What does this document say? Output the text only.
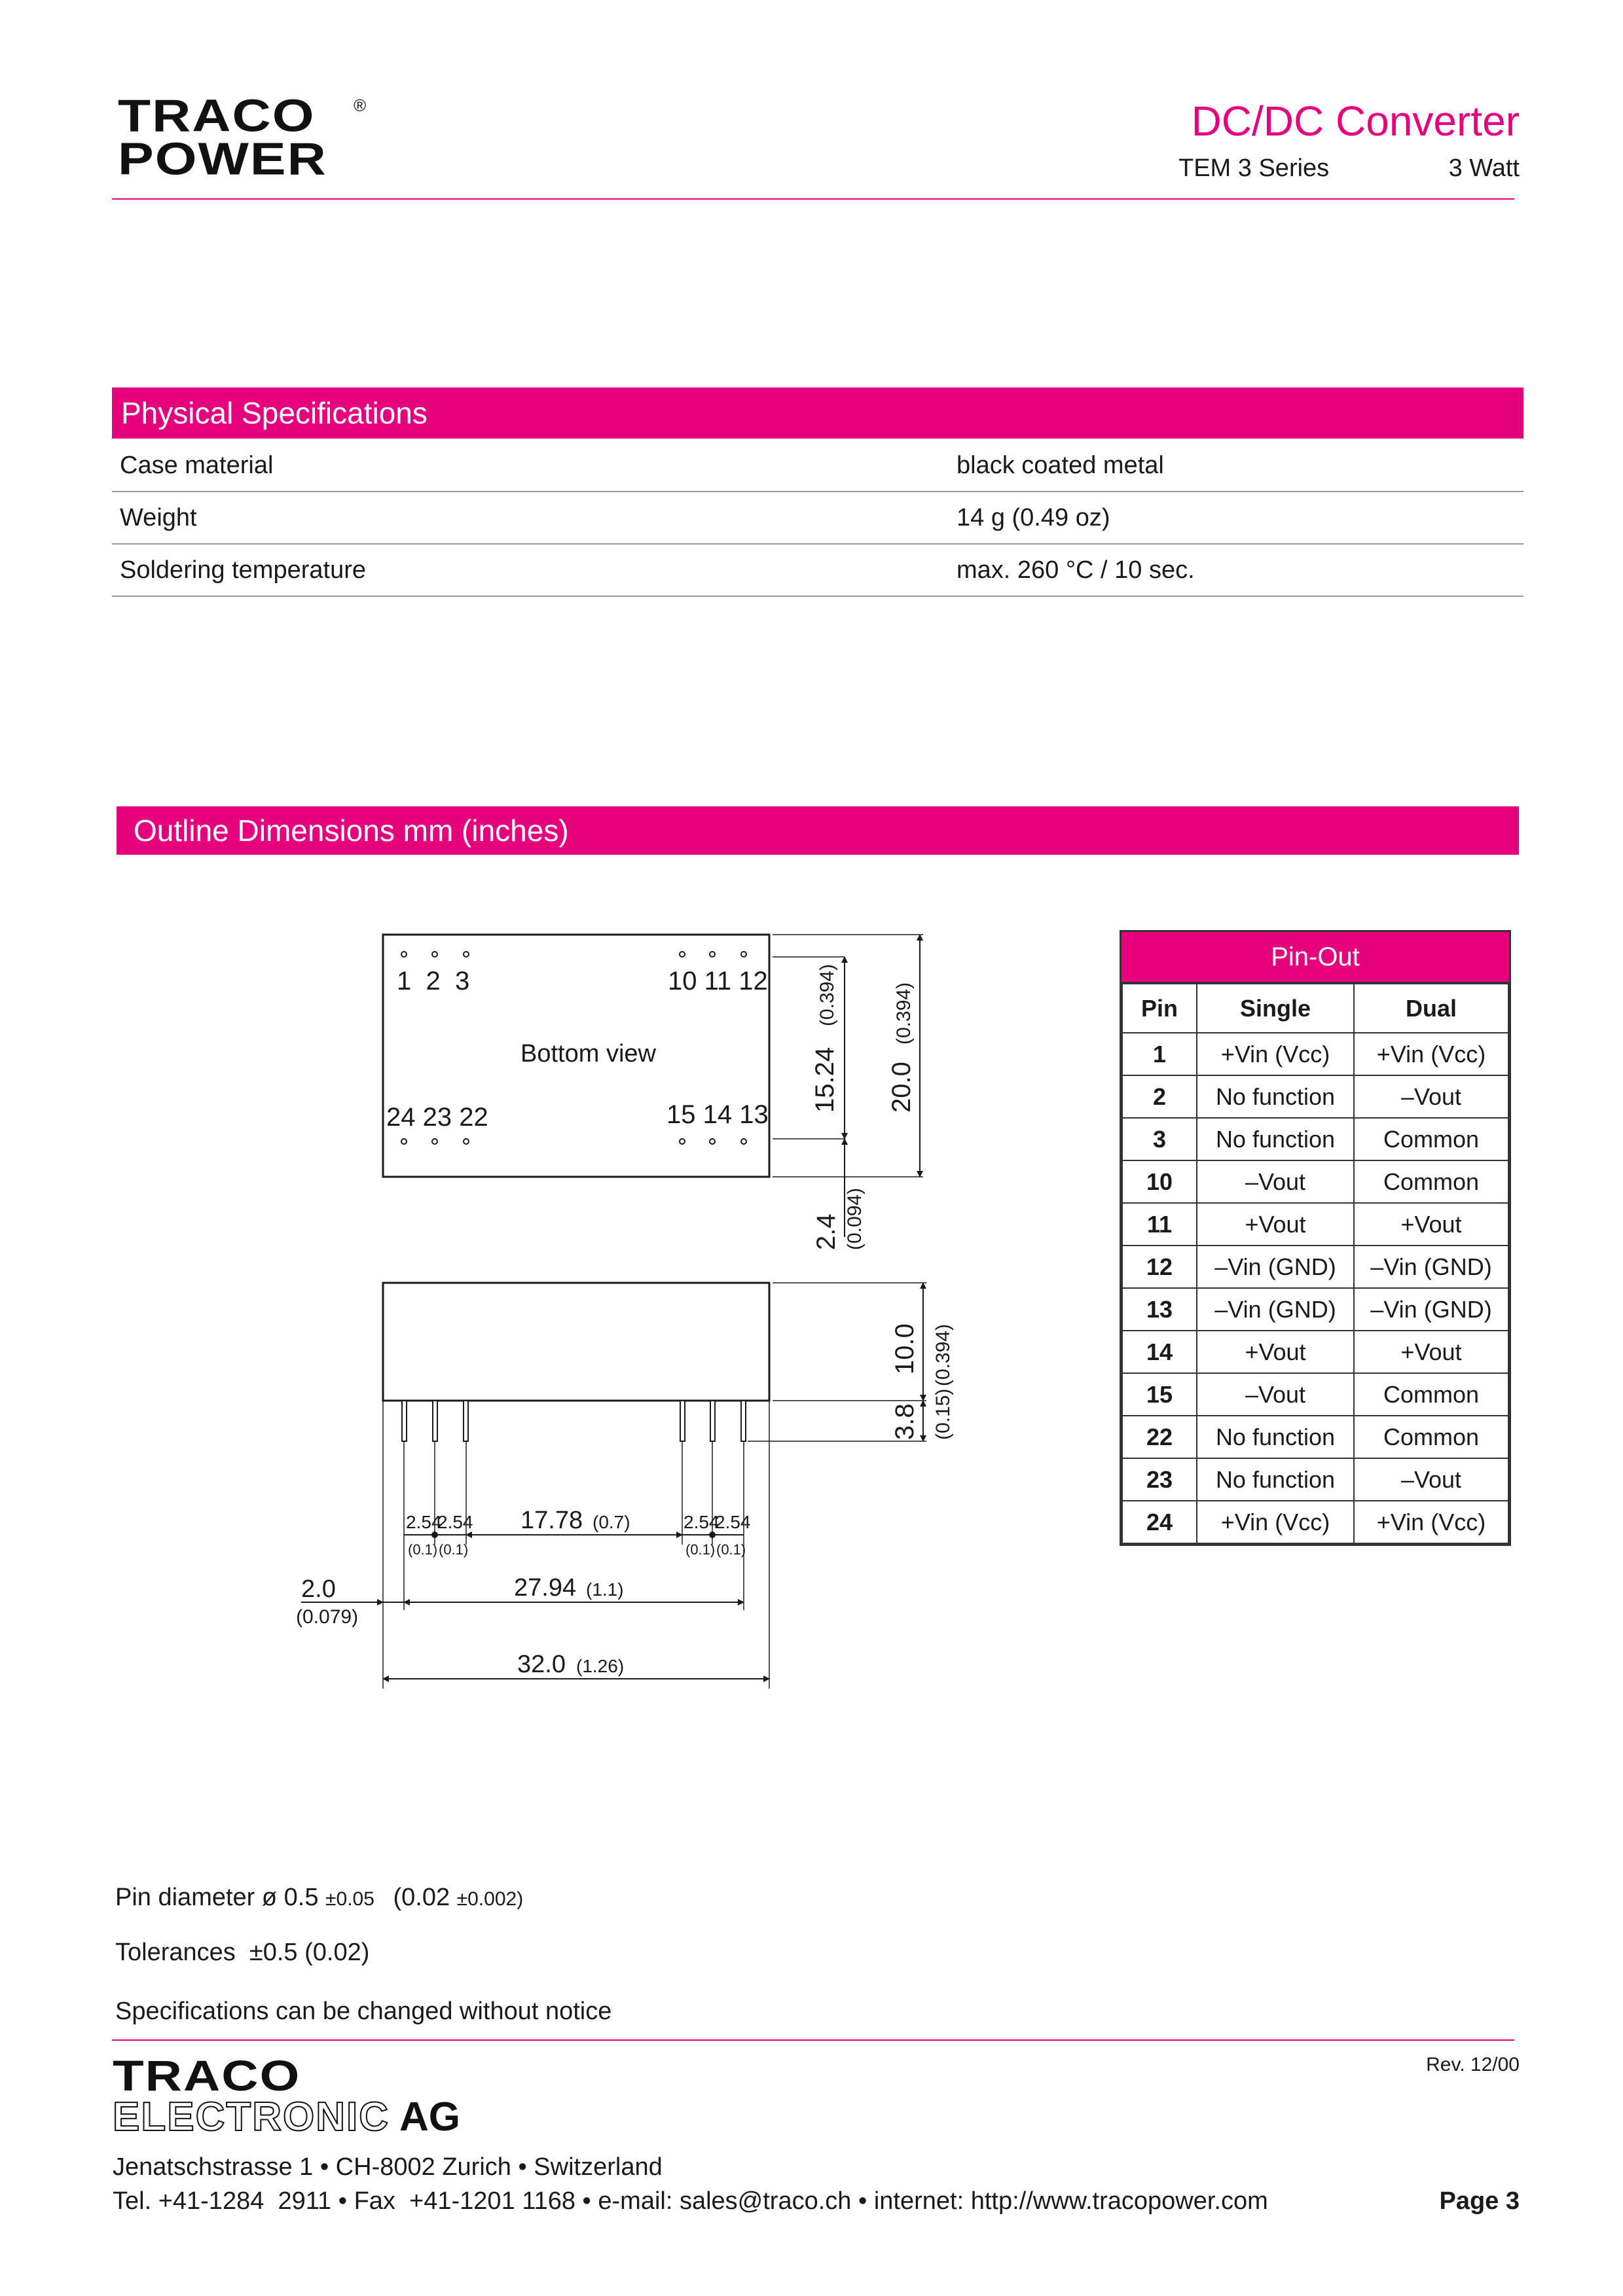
TRACO
POWER
®	DC/DC Converter
TEM 3 Series	3 Watt
Physical Specifications
Case material	black coated metal
Weight	14 g (0.49 oz)
Soldering temperature	max. 260 °C / 10 sec.
Outline Dimensions mm (inches)
1  2  3	10 11 12
Bottom view
24 23 22	15 14 13
15.24
(0.394)
20.0
(0.394)
2.4 (0.094)
10.0 (0.394)
3.8 (0.15)
2.54
2.54
(0.1) (0.1)
17.78 (0.7)	2.54
2.54
(0.1) (0.1)
27.94 (1.1)
2.0
(0.079)
32.0 (1.26)
Pin-Out
Pin	Single	Dual
1	+Vin (Vcc)	+Vin (Vcc)
2	No function	–Vout
3	No function	Common
10	–Vout	Common
11	+Vout	+Vout
12	–Vin (GND)	–Vin (GND)
13	–Vin (GND)	–Vin (GND)
14	+Vout	+Vout
15	–Vout	Common
22	No function	Common
23	No function	–Vout
24	+Vin (Vcc)	+Vin (Vcc)
Pin diameter ø 0.5 ±0.05 (0.02 ±0.002)
Tolerances  ±0.5 (0.02)
Specifications can be changed without notice
TRACO
ELECTRONIC AG
Rev. 12/00
Jenatschstrasse 1 • CH-8002 Zurich • Switzerland
Tel. +41-1284  2911 • Fax  +41-1201 1168 • e-mail: sales@traco.ch • internet: http://www.tracopower.com	Page 3
